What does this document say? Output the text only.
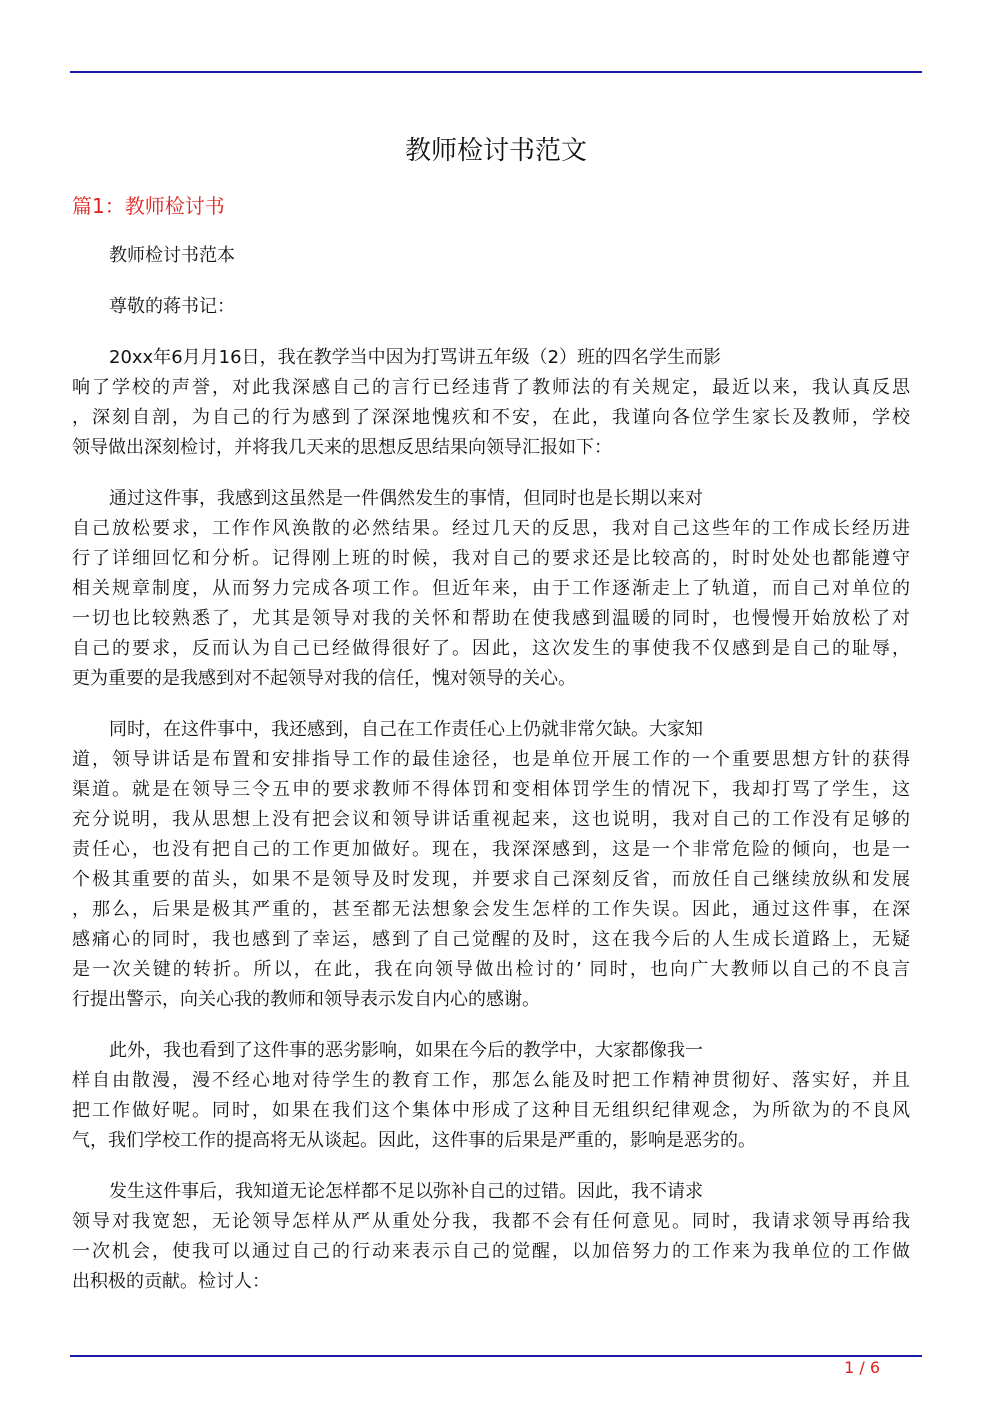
教师检讨书范文
篇1：教师检讨书
教师检讨书范本
尊敬的蒋书记：
20xx年6月月16日，我在教学当中因为打骂讲五年级（2）班的四名学生而影
响了学校的声誉，对此我深感自己的言行已经违背了教师法的有关规定，最近以来，我认真反思
，深刻自剖，为自己的行为感到了深深地愧疚和不安，在此，我谨向各位学生家长及教师，学校
领导做出深刻检讨，并将我几天来的思想反思结果向领导汇报如下：
通过这件事，我感到这虽然是一件偶然发生的事情，但同时也是长期以来对
自己放松要求，工作作风涣散的必然结果。经过几天的反思，我对自己这些年的工作成长经历进
行了详细回忆和分析。记得刚上班的时候，我对自己的要求还是比较高的，时时处处也都能遵守
相关规章制度，从而努力完成各项工作。但近年来，由于工作逐渐走上了轨道，而自己对单位的
一切也比较熟悉了，尤其是领导对我的关怀和帮助在使我感到温暖的同时，也慢慢开始放松了对
自己的要求，反而认为自己已经做得很好了。因此，这次发生的事使我不仅感到是自己的耻辱，
更为重要的是我感到对不起领导对我的信任，愧对领导的关心。
同时，在这件事中，我还感到，自己在工作责任心上仍就非常欠缺。大家知
道，领导讲话是布置和安排指导工作的最佳途径，也是单位开展工作的一个重要思想方针的获得
渠道。就是在领导三令五申的要求教师不得体罚和变相体罚学生的情况下，我却打骂了学生，这
充分说明，我从思想上没有把会议和领导讲话重视起来，这也说明，我对自己的工作没有足够的
责任心，也没有把自己的工作更加做好。现在，我深深感到，这是一个非常危险的倾向，也是一
个极其重要的苗头，如果不是领导及时发现，并要求自己深刻反省，而放任自己继续放纵和发展
，那么，后果是极其严重的，甚至都无法想象会发生怎样的工作失误。因此，通过这件事，在深
感痛心的同时，我也感到了幸运，感到了自己觉醒的及时，这在我今后的人生成长道路上，无疑
是一次关键的转折。所以，在此，我在向领导做出检讨的’ 同时，也向广大教师以自己的不良言
行提出警示，向关心我的教师和领导表示发自内心的感谢。
此外，我也看到了这件事的恶劣影响，如果在今后的教学中，大家都像我一
样自由散漫，漫不经心地对待学生的教育工作，那怎么能及时把工作精神贯彻好、落实好，并且
把工作做好呢。同时，如果在我们这个集体中形成了这种目无组织纪律观念，为所欲为的不良风
气，我们学校工作的提高将无从谈起。因此，这件事的后果是严重的，影响是恶劣的。
发生这件事后，我知道无论怎样都不足以弥补自己的过错。因此，我不请求
领导对我宽恕，无论领导怎样从严从重处分我，我都不会有任何意见。同时，我请求领导再给我
一次机会，使我可以通过自己的行动来表示自己的觉醒，以加倍努力的工作来为我单位的工作做
出积极的贡献。检讨人：
1 / 6
